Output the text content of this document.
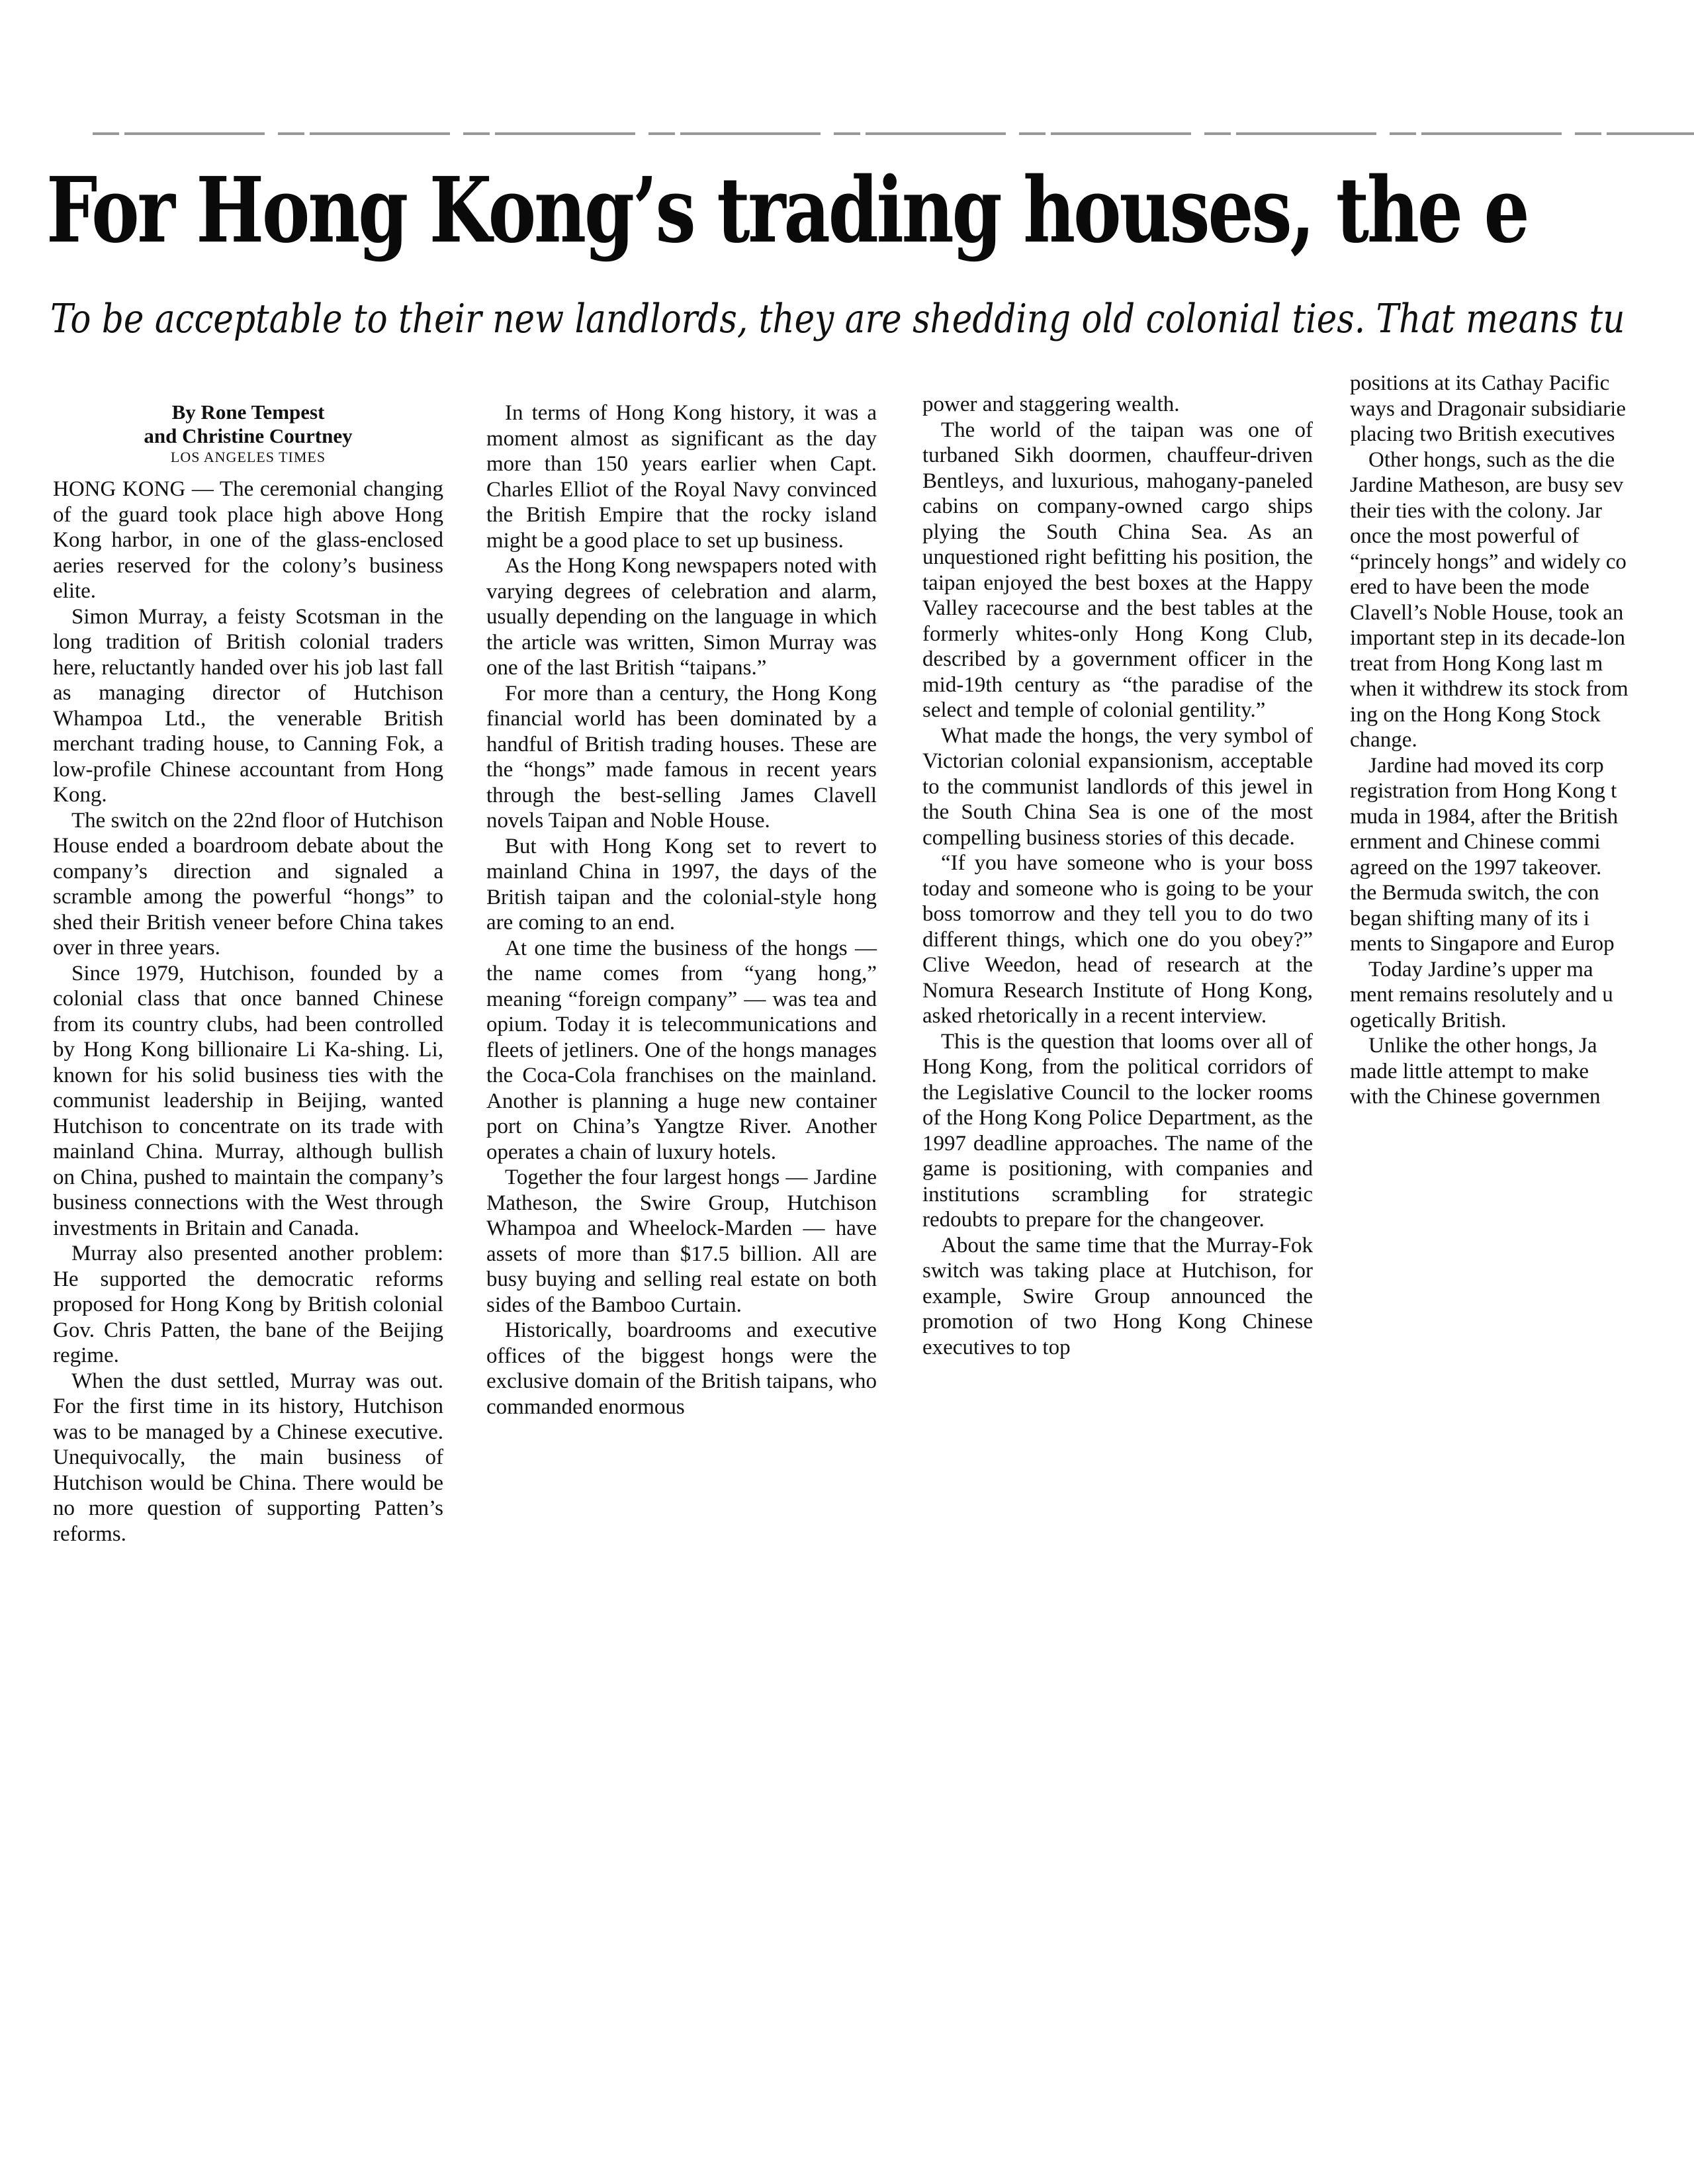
For Hong Kong’s trading houses, the e
To be acceptable to their new landlords, they are shedding old colonial ties. That means tu
By Rone Tempest
and Christine Courtney
LOS ANGELES TIMES

HONG KONG — The ceremonial changing of the guard took place high above Hong Kong harbor, in one of the glass-enclosed aeries reserved for the colony’s business elite.

Simon Murray, a feisty Scotsman in the long tradition of British colonial traders here, reluctantly handed over his job last fall as managing director of Hutchison Whampoa Ltd., the venerable British merchant trading house, to Canning Fok, a low-profile Chinese accountant from Hong Kong.

The switch on the 22nd floor of Hutchison House ended a boardroom debate about the company’s direction and signaled a scramble among the powerful “hongs” to shed their British veneer before China takes over in three years.

Since 1979, Hutchison, founded by a colonial class that once banned Chinese from its country clubs, had been controlled by Hong Kong billionaire Li Ka-shing. Li, known for his solid business ties with the communist leadership in Beijing, wanted Hutchison to concentrate on its trade with mainland China. Murray, although bullish on China, pushed to maintain the company’s business connections with the West through investments in Britain and Canada.

Murray also presented another problem: He supported the democratic reforms proposed for Hong Kong by British colonial Gov. Chris Patten, the bane of the Beijing regime.

When the dust settled, Murray was out. For the first time in its history, Hutchison was to be managed by a Chinese executive. Unequivocally, the main business of Hutchison would be China. There would be no more question of supporting Patten’s reforms.

In terms of Hong Kong history, it was a moment almost as significant as the day more than 150 years earlier when Capt. Charles Elliot of the Royal Navy convinced the British Empire that the rocky island might be a good place to set up business.

As the Hong Kong newspapers noted with varying degrees of celebration and alarm, usually depending on the language in which the article was written, Simon Murray was one of the last British “taipans.”

For more than a century, the Hong Kong financial world has been dominated by a handful of British trading houses. These are the “hongs” made famous in recent years through the best-selling James Clavell novels Taipan and Noble House.

But with Hong Kong set to revert to mainland China in 1997, the days of the British taipan and the colonial-style hong are coming to an end.

At one time the business of the hongs — the name comes from “yang hong,” meaning “foreign company” — was tea and opium. Today it is telecommunications and fleets of jetliners. One of the hongs manages the Coca-Cola franchises on the mainland. Another is planning a huge new container port on China’s Yangtze River. Another operates a chain of luxury hotels.

Together the four largest hongs — Jardine Matheson, the Swire Group, Hutchison Whampoa and Wheelock-Marden — have assets of more than $17.5 billion. All are busy buying and selling real estate on both sides of the Bamboo Curtain.

Historically, boardrooms and executive offices of the biggest hongs were the exclusive domain of the British taipans, who commanded enormous

power and staggering wealth.

The world of the taipan was one of turbaned Sikh doormen, chauffeur-driven Bentleys, and luxurious, mahogany-paneled cabins on company-owned cargo ships plying the South China Sea. As an unquestioned right befitting his position, the taipan enjoyed the best boxes at the Happy Valley racecourse and the best tables at the formerly whites-only Hong Kong Club, described by a government officer in the mid-19th century as “the paradise of the select and temple of colonial gentility.”

What made the hongs, the very symbol of Victorian colonial expansionism, acceptable to the communist landlords of this jewel in the South China Sea is one of the most compelling business stories of this decade.

“If you have someone who is your boss today and someone who is going to be your boss tomorrow and they tell you to do two different things, which one do you obey?” Clive Weedon, head of research at the Nomura Research Institute of Hong Kong, asked rhetorically in a recent interview.

This is the question that looms over all of Hong Kong, from the political corridors of the Legislative Council to the locker rooms of the Hong Kong Police Department, as the 1997 deadline approaches. The name of the game is positioning, with companies and institutions scrambling for strategic redoubts to prepare for the changeover.

About the same time that the Murray-Fok switch was taking place at Hutchison, for example, Swire Group announced the promotion of two Hong Kong Chinese executives to top

positions at its Cathay Pacific

ways and Dragonair subsidiarie

placing two British executives

Other hongs, such as the die

Jardine Matheson, are busy sev

their ties with the colony. Jar

once the most powerful of

“princely hongs” and widely co

ered to have been the mode

Clavell’s Noble House, took an

important step in its decade-lon

treat from Hong Kong last m

when it withdrew its stock from

ing on the Hong Kong Stock

change.

Jardine had moved its corp

registration from Hong Kong t

muda in 1984, after the British

ernment and Chinese commi

agreed on the 1997 takeover.

the Bermuda switch, the con

began shifting many of its i

ments to Singapore and Europ

Today Jardine’s upper ma

ment remains resolutely and u

ogetically British.

Unlike the other hongs, Ja

made little attempt to make

with the Chinese governmen
